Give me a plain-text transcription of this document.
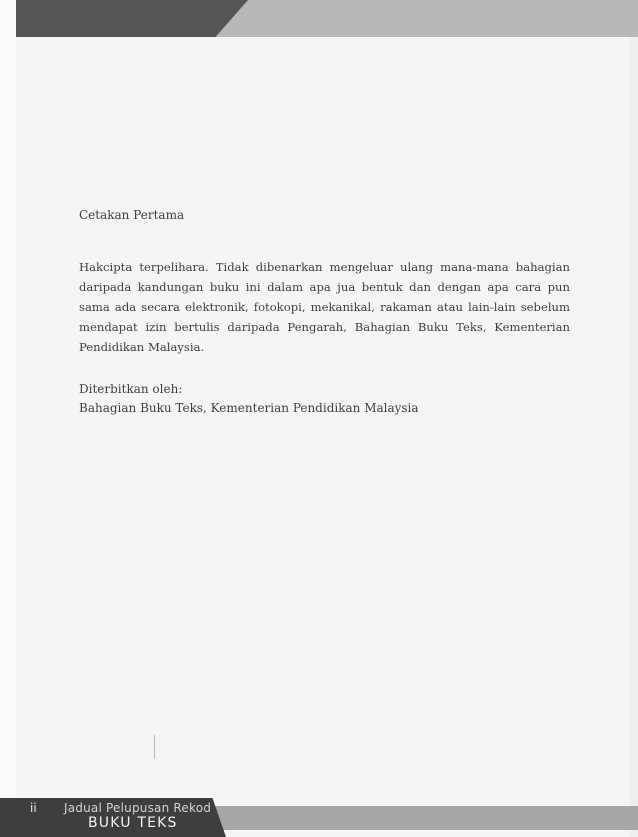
Cetakan Pertama
Hakcipta terpelihara. Tidak dibenarkan mengeluar ulang mana-mana bahagian daripada kandungan buku ini dalam apa jua bentuk dan dengan apa cara pun sama ada secara elektronik, fotokopi, mekanikal, rakaman atau lain-lain sebelum mendapat izin bertulis daripada Pengarah, Bahagian Buku Teks, Kementerian Pendidikan Malaysia.
Diterbitkan oleh:
Bahagian Buku Teks, Kementerian Pendidikan Malaysia
ii Jadual Pelupusan Rekod
BUKU TEKS
